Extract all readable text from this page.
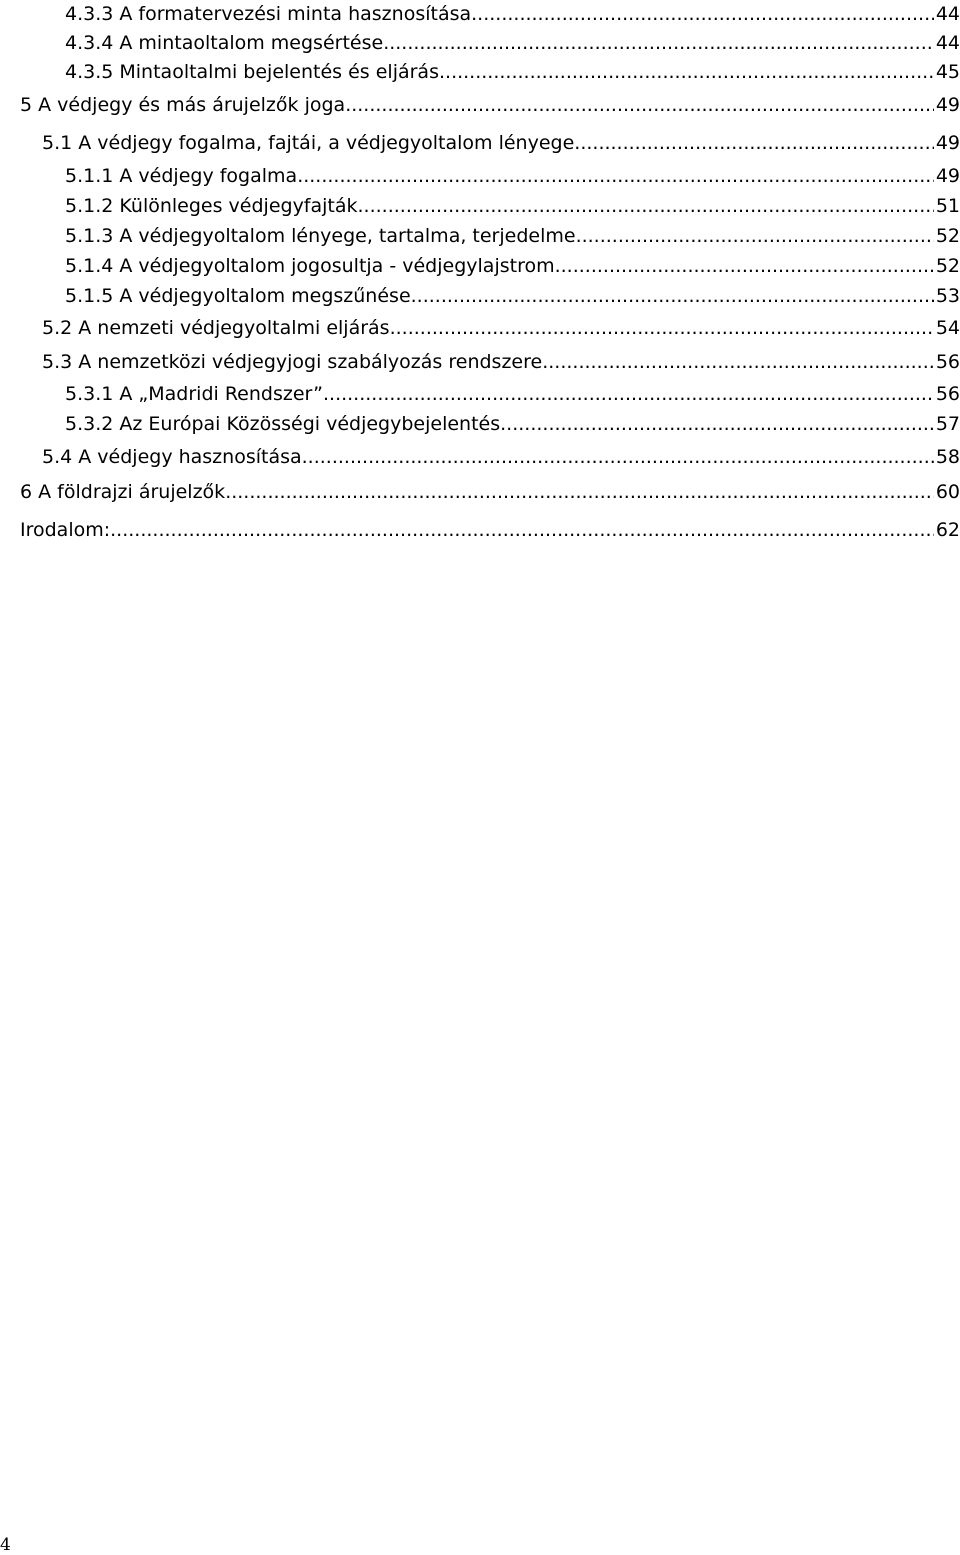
4.3.3 A formatervezési minta hasznosítása .....	44
4.3.4 A mintaoltalom megsértése .....	44
4.3.5 Mintaoltalmi bejelentés és eljárás .....	45
5 A védjegy és más árujelzők joga .....	49
5.1 A védjegy fogalma, fajtái, a védjegyoltalom lényege .....	49
5.1.1 A védjegy fogalma .....	49
5.1.2 Különleges védjegyfajták .....	51
5.1.3 A védjegyoltalom lényege, tartalma, terjedelme .....	52
5.1.4 A védjegyoltalom jogosultja - védjegylajstrom .....	52
5.1.5 A védjegyoltalom megszűnése .....	53
5.2 A nemzeti védjegyoltalmi eljárás .....	54
5.3 A nemzetközi védjegyjogi szabályozás rendszere .....	56
5.3.1 A „Madridi Rendszer” .....	56
5.3.2 Az Európai Közösségi védjegybejelentés .....	57
5.4 A védjegy hasznosítása .....	58
6 A földrajzi árujelzők .....	60
Irodalom: .....	62
4
